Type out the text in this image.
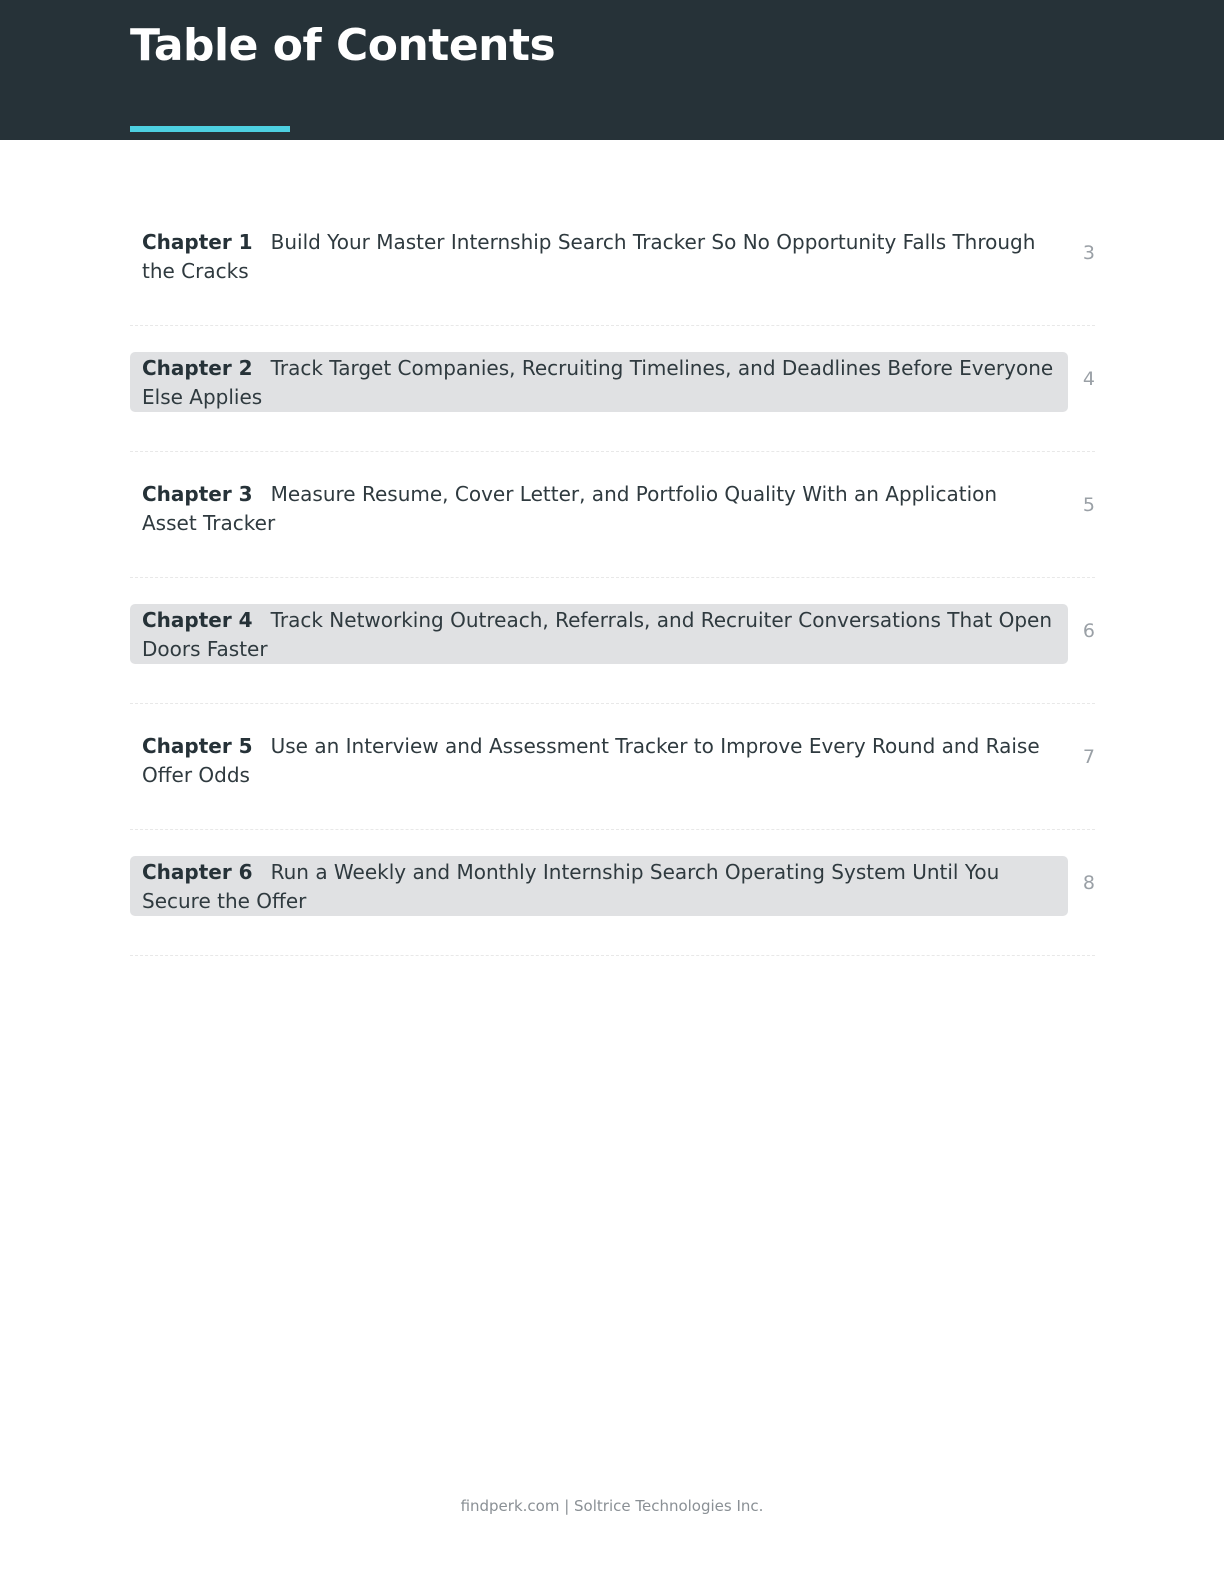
Table of Contents
Chapter 1 Build Your Master Internship Search Tracker So No Opportunity Falls Through the Cracks
3
Chapter 2 Track Target Companies, Recruiting Timelines, and Deadlines Before Everyone Else Applies
4
Chapter 3 Measure Resume, Cover Letter, and Portfolio Quality With an Application Asset Tracker
5
Chapter 4 Track Networking Outreach, Referrals, and Recruiter Conversations That Open Doors Faster
6
Chapter 5 Use an Interview and Assessment Tracker to Improve Every Round and Raise Offer Odds
7
Chapter 6 Run a Weekly and Monthly Internship Search Operating System Until You Secure the Offer
8
findperk.com | Soltrice Technologies Inc.
